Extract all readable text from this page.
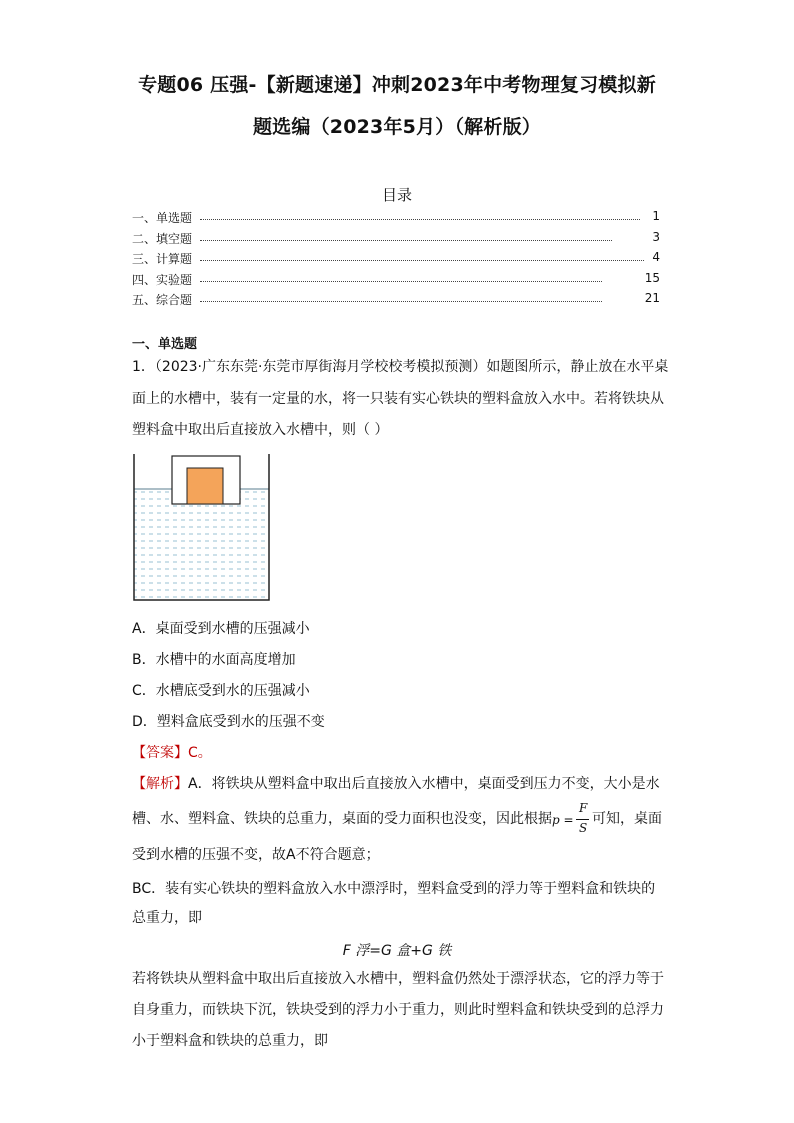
专题06 压强-【新题速递】冲刺2023年中考物理复习模拟新
题选编（2023年5月）（解析版）
目录
一、单选题	1
二、填空题	3
三、计算题	4
四、实验题	15
五、综合题	21
一、单选题
1．（2023·广东东莞·东莞市厚街海月学校校考模拟预测）如题图所示，静止放在水平桌
面上的水槽中，装有一定量的水，将一只装有实心铁块的塑料盒放入水中。若将铁块从
塑料盒中取出后直接放入水槽中，则（ ）
A．桌面受到水槽的压强减小
B．水槽中的水面高度增加
C．水槽底受到水的压强减小
D．塑料盒底受到水的压强不变
【答案】C。
【解析】A．将铁块从塑料盒中取出后直接放入水槽中，桌面受到压力不变，大小是水
槽、水、塑料盒、铁块的总重力，桌面的受力面积也没变，因此根据 p =
F
S
可知，桌面
受到水槽的压强不变，故A不符合题意；
BC．装有实心铁块的塑料盒放入水中漂浮时，塑料盒受到的浮力等于塑料盒和铁块的
总重力，即
F 浮=G 盒+G 铁
若将铁块从塑料盒中取出后直接放入水槽中，塑料盒仍然处于漂浮状态，它的浮力等于
自身重力，而铁块下沉，铁块受到的浮力小于重力，则此时塑料盒和铁块受到的总浮力
小于塑料盒和铁块的总重力，即
